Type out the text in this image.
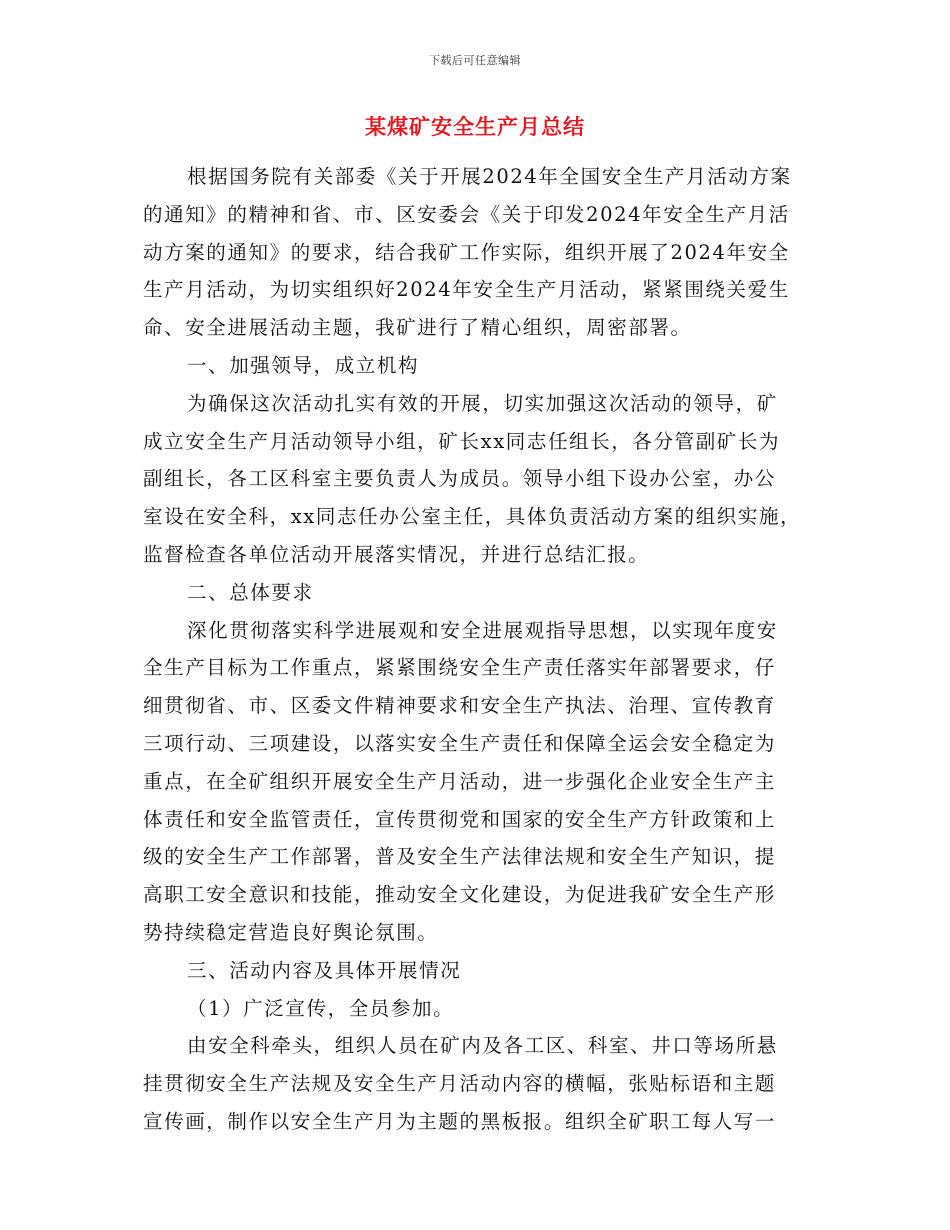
下载后可任意编辑
某煤矿安全生产月总结
根据国务院有关部委《关于开展2024年全国安全生产月活动方案
的通知》的精神和省、市、区安委会《关于印发2024年安全生产月活
动方案的通知》的要求，结合我矿工作实际，组织开展了2024年安全
生产月活动，为切实组织好2024年安全生产月活动，紧紧围绕关爱生
命、安全进展活动主题，我矿进行了精心组织，周密部署。
一、加强领导，成立机构
为确保这次活动扎实有效的开展，切实加强这次活动的领导，矿
成立安全生产月活动领导小组，矿长xx同志任组长，各分管副矿长为
副组长，各工区科室主要负责人为成员。领导小组下设办公室，办公
室设在安全科，xx同志任办公室主任，具体负责活动方案的组织实施，
监督检查各单位活动开展落实情况，并进行总结汇报。
二、总体要求
深化贯彻落实科学进展观和安全进展观指导思想，以实现年度安
全生产目标为工作重点，紧紧围绕安全生产责任落实年部署要求，仔
细贯彻省、市、区委文件精神要求和安全生产执法、治理、宣传教育
三项行动、三项建设，以落实安全生产责任和保障全运会安全稳定为
重点，在全矿组织开展安全生产月活动，进一步强化企业安全生产主
体责任和安全监管责任，宣传贯彻党和国家的安全生产方针政策和上
级的安全生产工作部署，普及安全生产法律法规和安全生产知识，提
高职工安全意识和技能，推动安全文化建设，为促进我矿安全生产形
势持续稳定营造良好舆论氛围。
三、活动内容及具体开展情况
（1）广泛宣传，全员参加。
由安全科牵头，组织人员在矿内及各工区、科室、井口等场所悬
挂贯彻安全生产法规及安全生产月活动内容的横幅，张贴标语和主题
宣传画，制作以安全生产月为主题的黑板报。组织全矿职工每人写一
